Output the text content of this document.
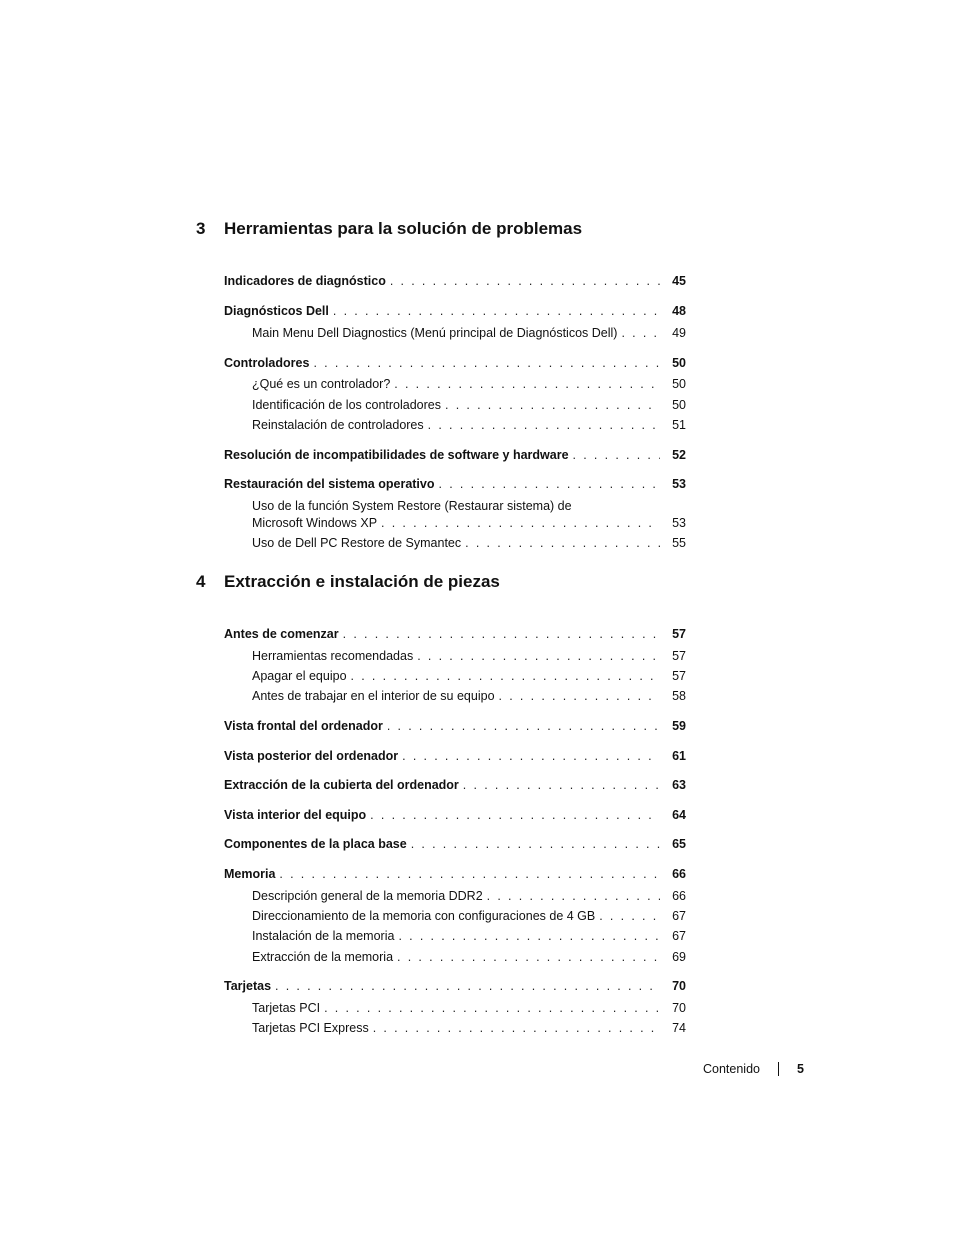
3	Herramientas para la solución de problemas
Indicadores de diagnóstico . . .	45
Diagnósticos Dell . . .	48
Main Menu Dell Diagnostics (Menú principal de Diagnósticos Dell) . . .	49
Controladores . . .	50
¿Qué es un controlador? . . .	50
Identificación de los controladores . . .	50
Reinstalación de controladores . . .	51
Resolución de incompatibilidades de software y hardware . . .	52
Restauración del sistema operativo . . .	53
Uso de la función System Restore (Restaurar sistema) de
Microsoft Windows XP . . .	53
Uso de Dell PC Restore de Symantec . . .	55
4	Extracción e instalación de piezas
Antes de comenzar . . .	57
Herramientas recomendadas . . .	57
Apagar el equipo . . .	57
Antes de trabajar en el interior de su equipo . . .	58
Vista frontal del ordenador . . .	59
Vista posterior del ordenador . . .	61
Extracción de la cubierta del ordenador . . .	63
Vista interior del equipo . . .	64
Componentes de la placa base . . .	65
Memoria . . .	66
Descripción general de la memoria DDR2 . . .	66
Direccionamiento de la memoria con configuraciones de 4 GB . . .	67
Instalación de la memoria . . .	67
Extracción de la memoria . . .	69
Tarjetas . . .	70
Tarjetas PCI . . .	70
Tarjetas PCI Express . . .	74
Contenido	5
